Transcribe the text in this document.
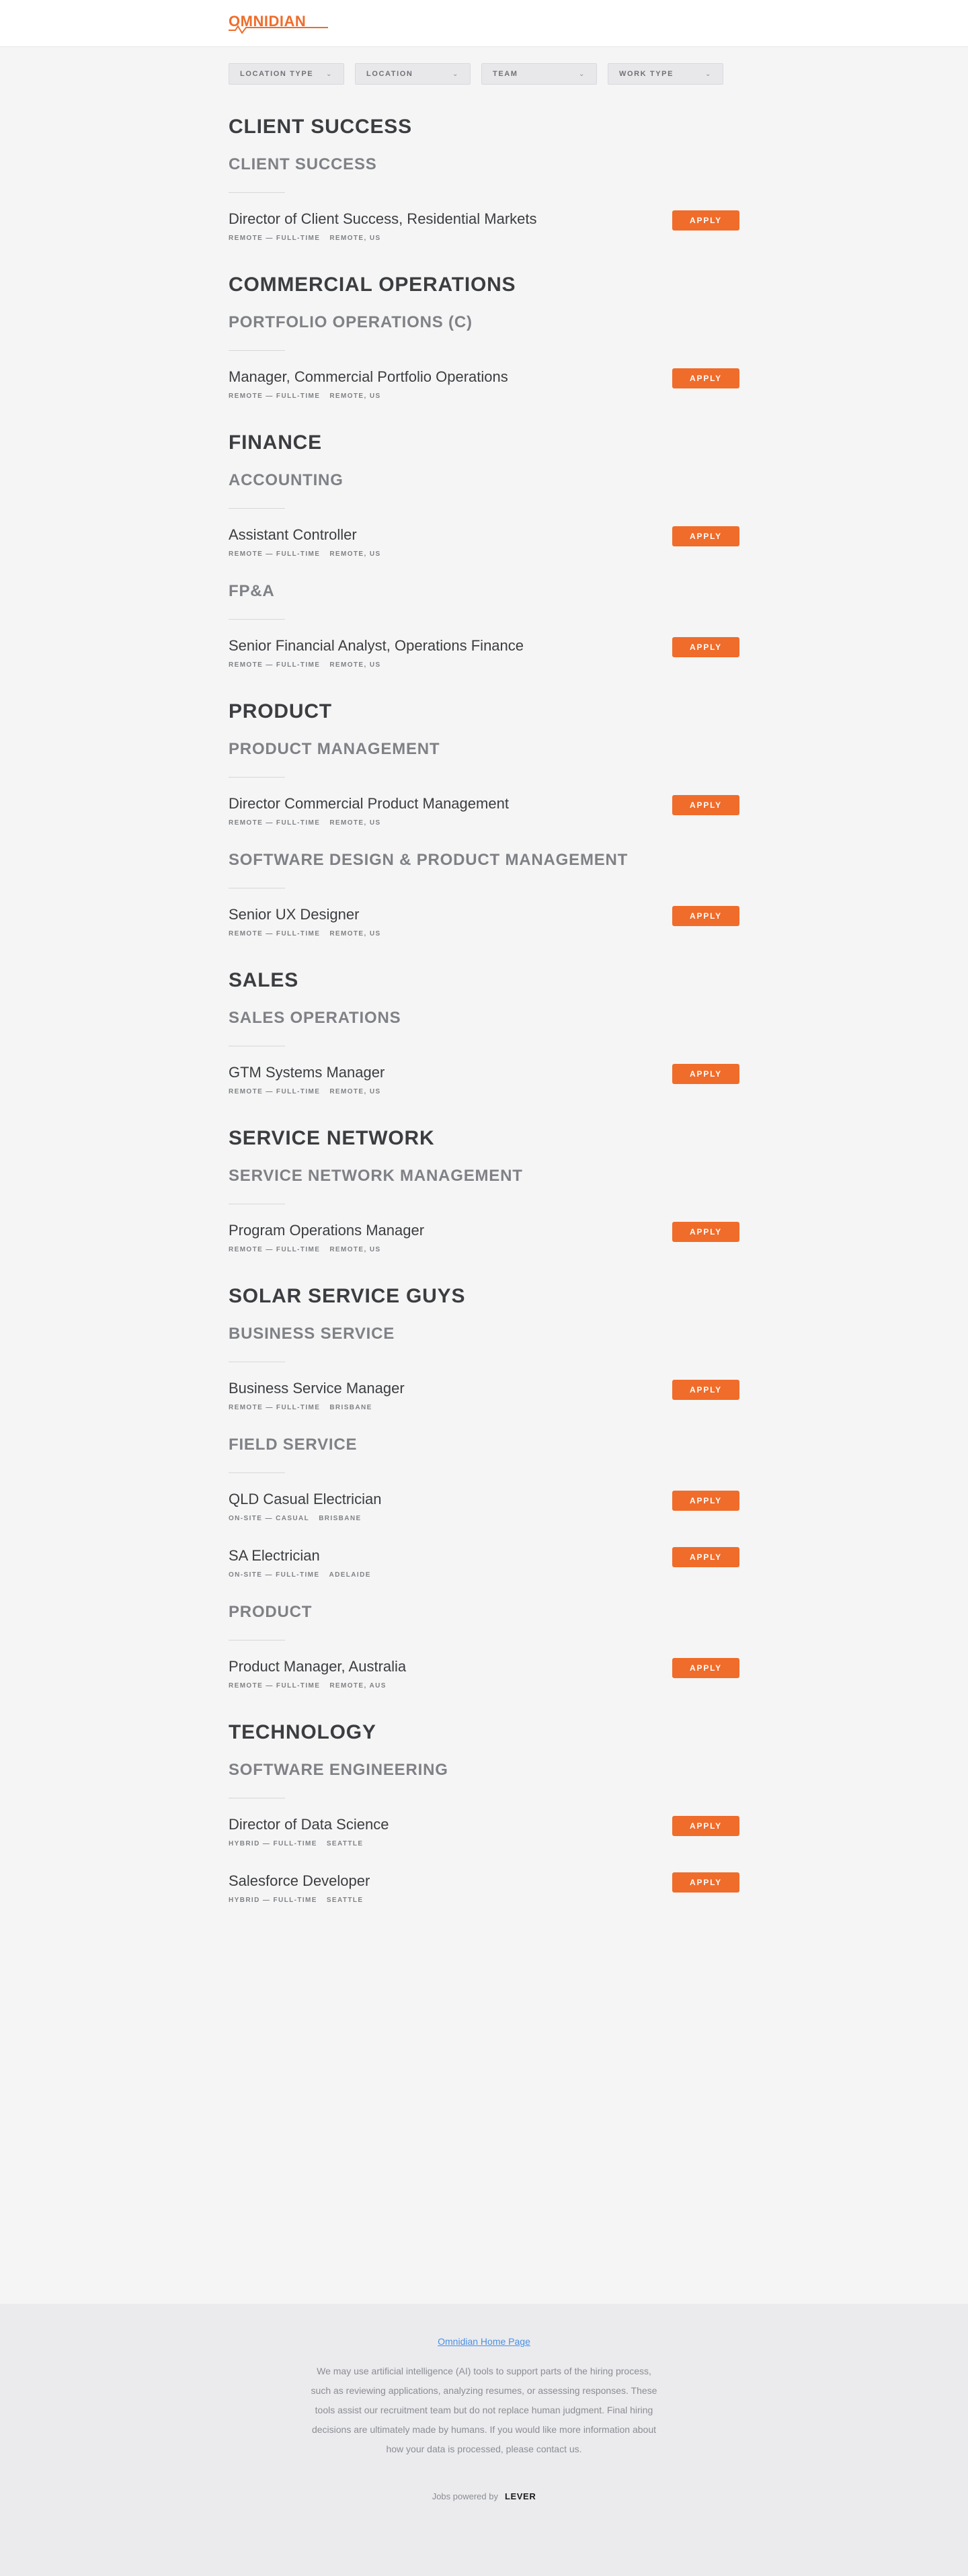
OMNIDIAN
LOCATION TYPE ⌄	LOCATION	⌄	TEAM	⌄	WORK TYPE	⌄
CLIENT SUCCESS
CLIENT SUCCESS
Director of Client Success, Residential Markets
REMOTE — FULL-TIME REMOTE, US
APPLY
COMMERCIAL OPERATIONS
PORTFOLIO OPERATIONS (C)
Manager, Commercial Portfolio Operations
REMOTE — FULL-TIME REMOTE, US
APPLY
FINANCE
ACCOUNTING
Assistant Controller
REMOTE — FULL-TIME REMOTE, US
APPLY
FP&A
Senior Financial Analyst, Operations Finance
REMOTE — FULL-TIME REMOTE, US
APPLY
PRODUCT
PRODUCT MANAGEMENT
Director Commercial Product Management
REMOTE — FULL-TIME REMOTE, US
APPLY
SOFTWARE DESIGN & PRODUCT MANAGEMENT
Senior UX Designer
REMOTE — FULL-TIME REMOTE, US
APPLY
SALES
SALES OPERATIONS
GTM Systems Manager
REMOTE — FULL-TIME REMOTE, US
APPLY
SERVICE NETWORK
SERVICE NETWORK MANAGEMENT
Program Operations Manager
REMOTE — FULL-TIME REMOTE, US
APPLY
SOLAR SERVICE GUYS
BUSINESS SERVICE
Business Service Manager
REMOTE — FULL-TIME BRISBANE
APPLY
FIELD SERVICE
QLD Casual Electrician
ON-SITE — CASUAL BRISBANE
APPLY
SA Electrician
ON-SITE — FULL-TIME ADELAIDE
APPLY
PRODUCT
Product Manager, Australia
REMOTE — FULL-TIME REMOTE, AUS
APPLY
TECHNOLOGY
SOFTWARE ENGINEERING
Director of Data Science
HYBRID — FULL-TIME SEATTLE
APPLY
Salesforce Developer
HYBRID — FULL-TIME SEATTLE
APPLY
Omnidian Home Page

We may use artificial intelligence (AI) tools to support parts of the hiring process, such as reviewing applications, analyzing resumes, or assessing responses. These tools assist our recruitment team but do not replace human judgment. Final hiring decisions are ultimately made by humans. If you would like more information about how your data is processed, please contact us.

Jobs powered by LEVER
